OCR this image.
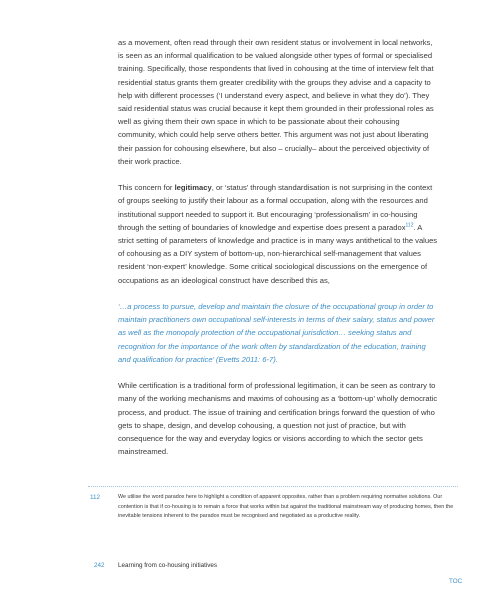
as a movement, often read through their own resident status or involvement in local networks, is seen as an informal qualification to be valued alongside other types of formal or specialised training. Specifically, those respondents that lived in cohousing at the time of interview felt that residential status grants them greater credibility with the groups they advise and a capacity to help with different processes (‘I understand every aspect, and believe in what they do’). They said residential status was crucial because it kept them grounded in their professional roles as well as giving them their own space in which to be passionate about their cohousing community, which could help serve others better. This argument was not just about liberating their passion for cohousing elsewhere, but also – crucially– about the perceived objectivity of their work practice.

This concern for legitimacy, or ‘status’ through standardisation is not surprising in the context of groups seeking to justify their labour as a formal occupation, along with the resources and institutional support needed to support it. But encouraging ‘professionalism’ in co-housing through the setting of boundaries of knowledge and expertise does present a paradox$^{112}$. A strict setting of parameters of knowledge and practice is in many ways antithetical to the values of cohousing as a DIY system of bottom-up, non-hierarchical self-management that values resident ‘non-expert’ knowledge. Some critical sociological discussions on the emergence of occupations as an ideological construct have described this as,

‘…a process to pursue, develop and maintain the closure of the occupational group in order to maintain practitioners own occupational self-interests in terms of their salary, status and power as well as the monopoly protection of the occupational jurisdiction… seeking status and recognition for the importance of the work often by standardization of the education, training and qualification for practice’ (Evetts 2011: 6-7).

While certification is a traditional form of professional legitimation, it can be seen as contrary to many of the working mechanisms and maxims of cohousing as a ‘bottom-up’ wholly democratic process, and product. The issue of training and certification brings forward the question of who gets to shape, design, and develop cohousing, a question not just of practice, but with consequence for the way and everyday logics or visions according to which the sector gets mainstreamed.

112	We utilise the word paradox here to highlight a condition of apparent opposites, rather than a problem requiring normative solutions. Our contention is that if co-housing is to remain a force that works within but against the traditional mainstream way of producing homes, then the inevitable tensions inherent to the paradox must be recognised and negotiated as a productive reality.
242 Learning from co-housing initiatives
TOC
